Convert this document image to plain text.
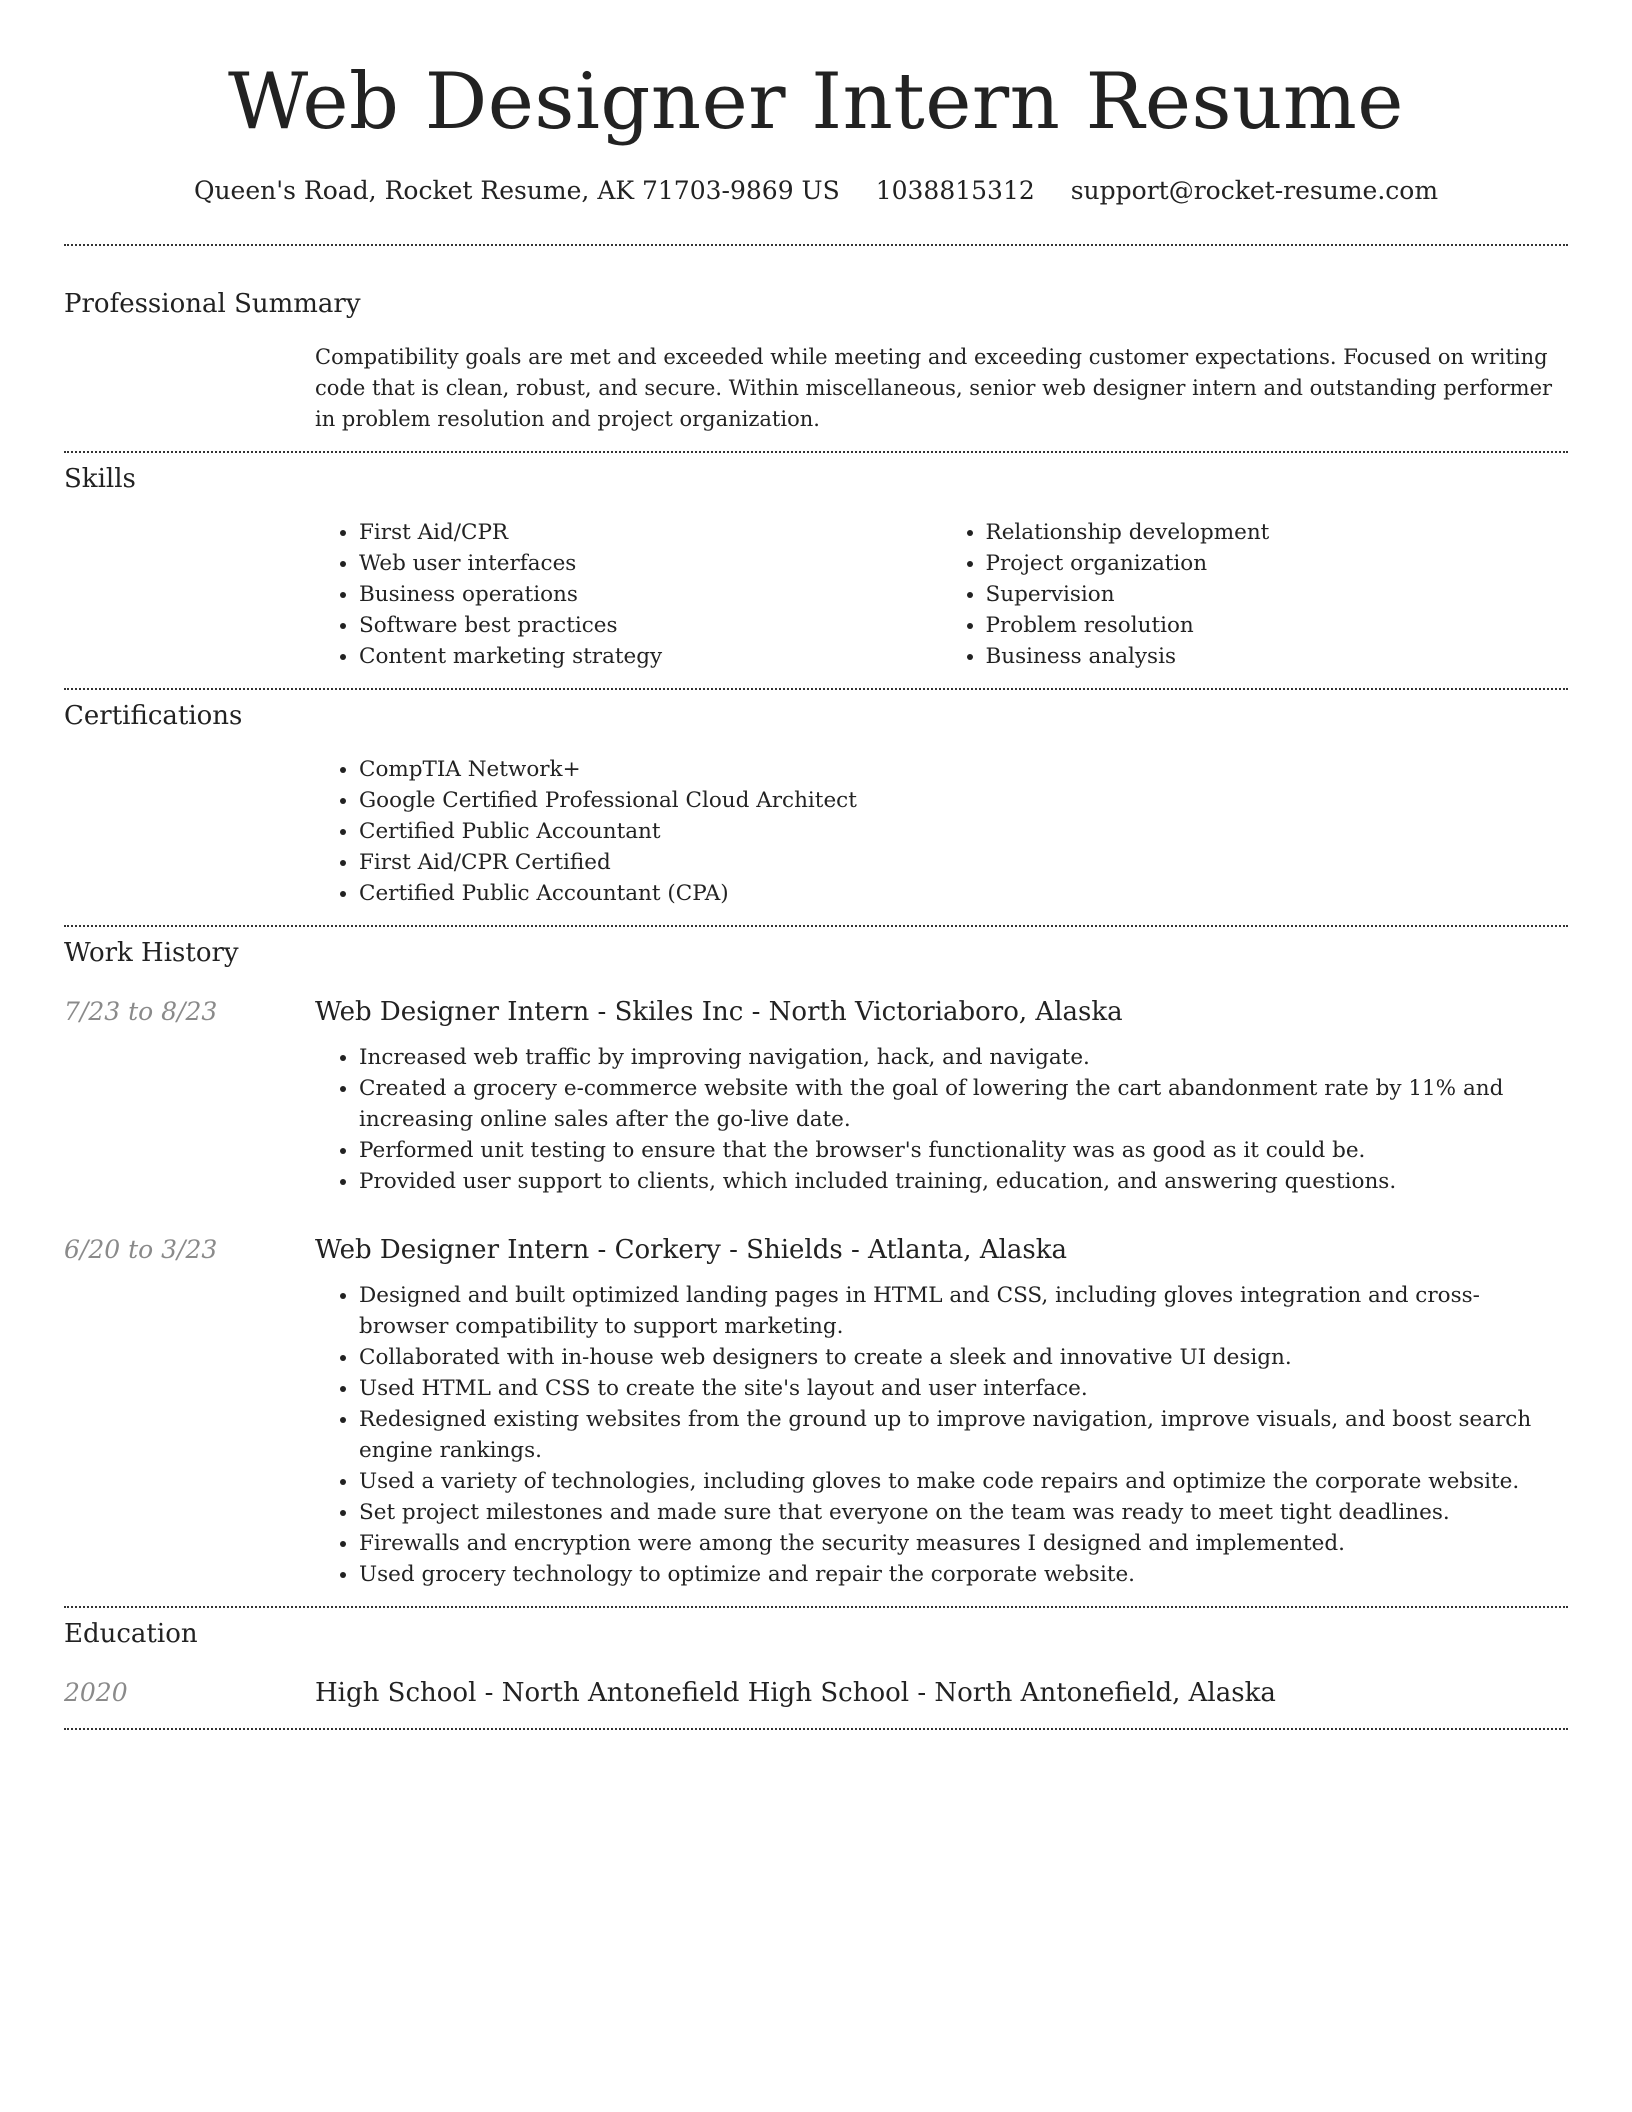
Web Designer Intern Resume
Queen's Road, Rocket Resume, AK 71703-9869 US 1038815312 support@rocket-resume.com
Professional Summary

Compatibility goals are met and exceeded while meeting and exceeding customer expectations. Focused on writing code that is clean, robust, and secure. Within miscellaneous, senior web designer intern and outstanding performer in problem resolution and project organization.

Skills
• First Aid/CPR
• Web user interfaces
• Business operations
• Software best practices
• Content marketing strategy
• Relationship development
• Project organization
• Supervision
• Problem resolution
• Business analysis
Certifications
• CompTIA Network+
• Google Certified Professional Cloud Architect
• Certified Public Accountant
• First Aid/CPR Certified
• Certified Public Accountant (CPA)
Work History
7/23 to 8/23	Web Designer Intern - Skiles Inc - North Victoriaboro, Alaska
• Increased web traffic by improving navigation, hack, and navigate.
• Created a grocery e-commerce website with the goal of lowering the cart abandonment rate by 11% and increasing online sales after the go-live date.
• Performed unit testing to ensure that the browser's functionality was as good as it could be.
• Provided user support to clients, which included training, education, and answering questions.
6/20 to 3/23	Web Designer Intern - Corkery - Shields - Atlanta, Alaska
• Designed and built optimized landing pages in HTML and CSS, including gloves integration and cross-browser compatibility to support marketing.
• Collaborated with in-house web designers to create a sleek and innovative UI design.
• Used HTML and CSS to create the site's layout and user interface.
• Redesigned existing websites from the ground up to improve navigation, improve visuals, and boost search engine rankings.
• Used a variety of technologies, including gloves to make code repairs and optimize the corporate website.
• Set project milestones and made sure that everyone on the team was ready to meet tight deadlines.
• Firewalls and encryption were among the security measures I designed and implemented.
• Used grocery technology to optimize and repair the corporate website.
Education
2020	High School - North Antonefield High School - North Antonefield, Alaska
